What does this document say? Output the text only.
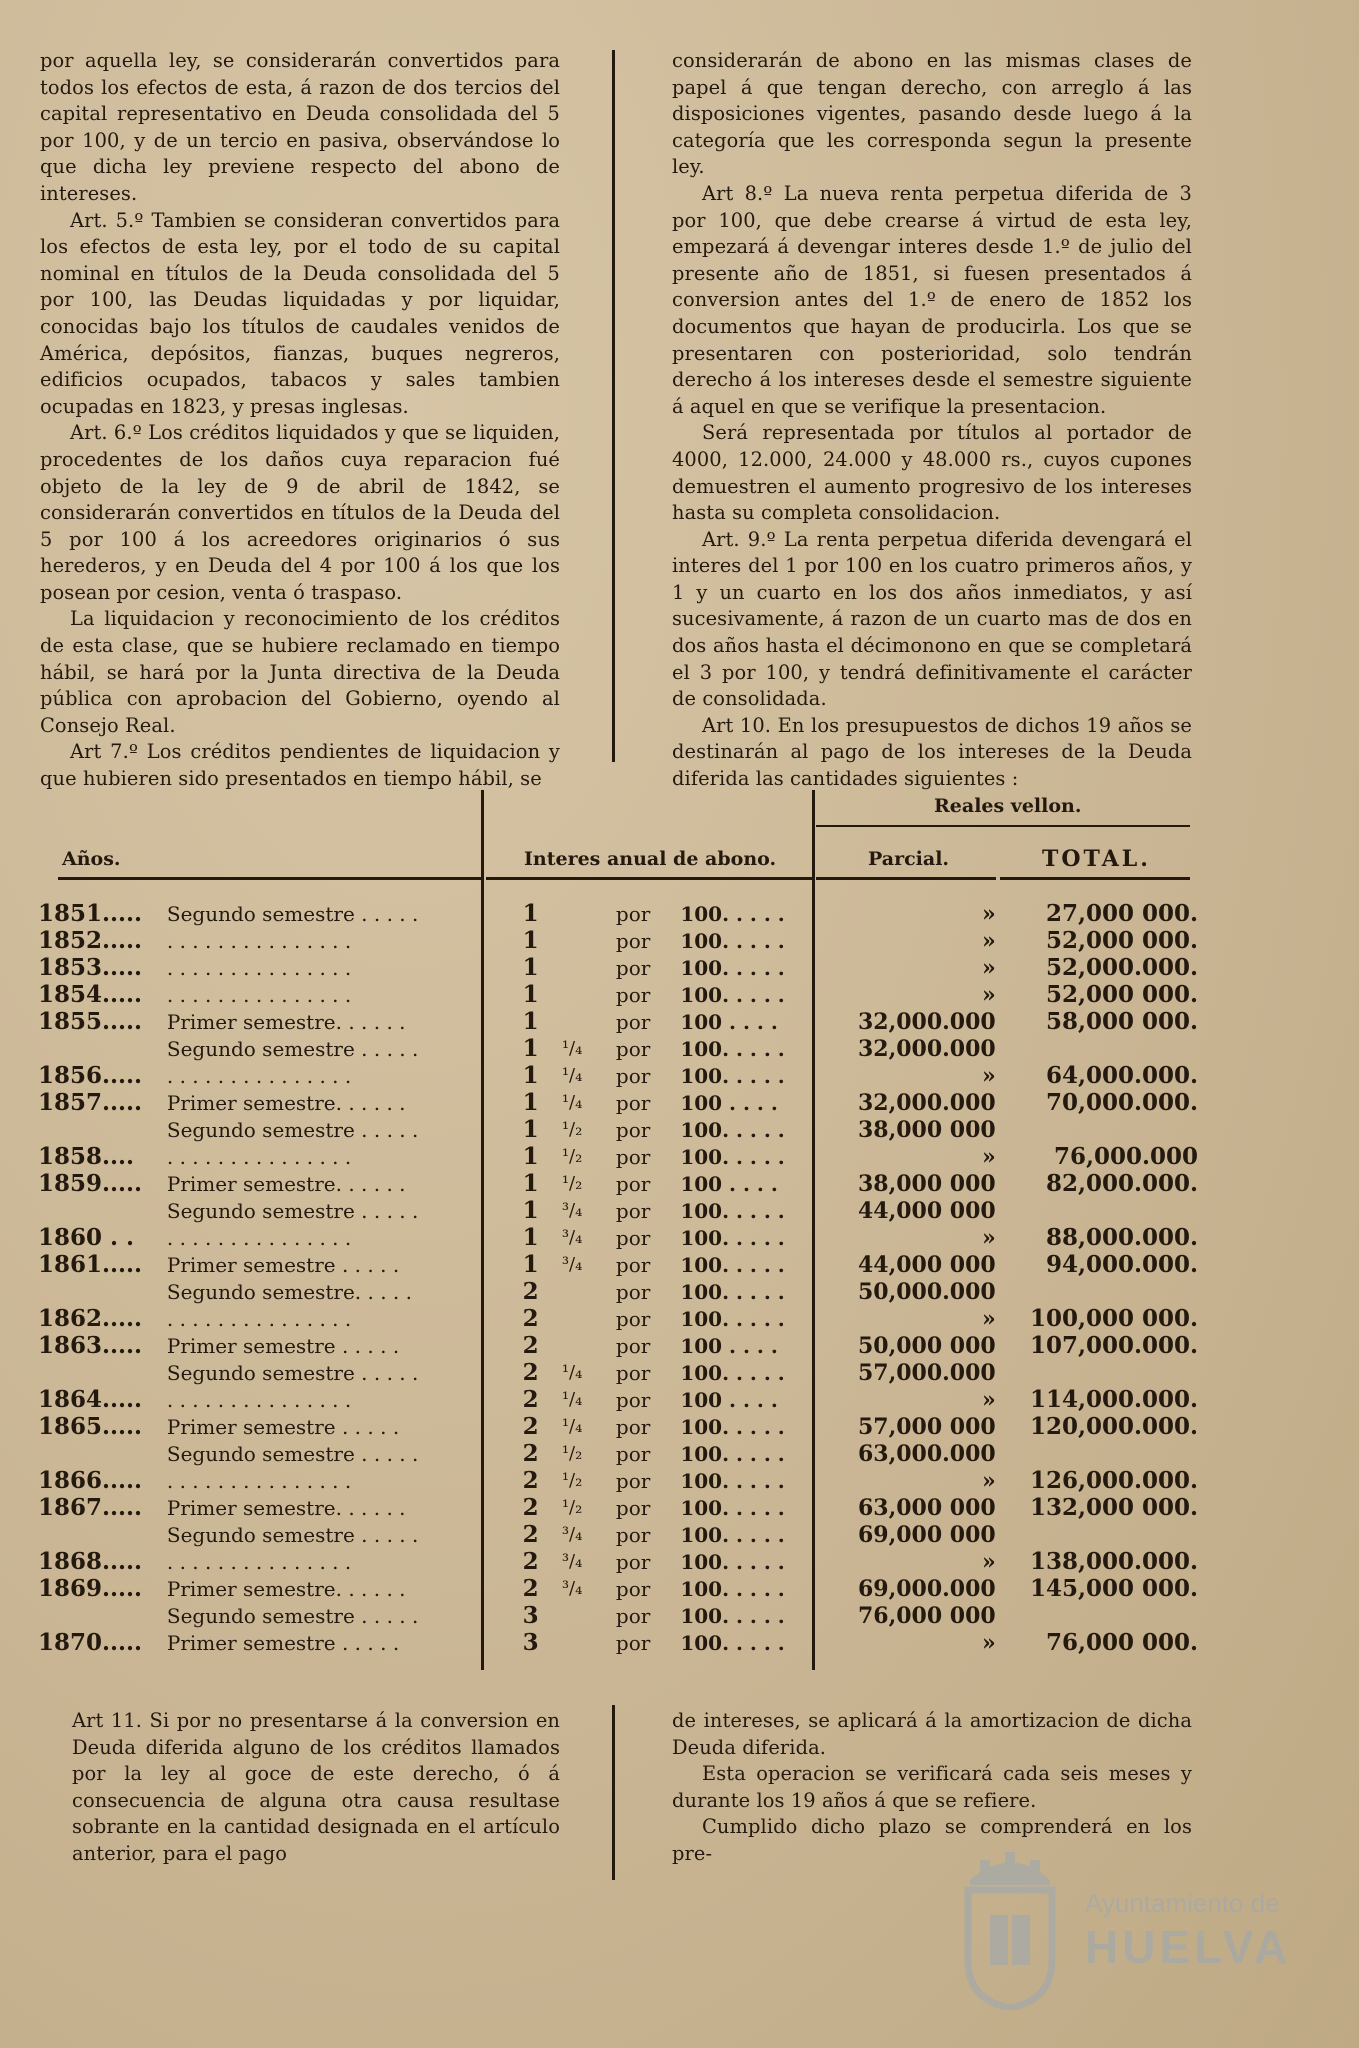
por aquella ley, se considerarán convertidos para todos los efectos de esta, á razon de dos tercios del capital representativo en Deuda consolidada del 5 por 100, y de un tercio en pasiva, observándose lo que dicha ley previene respecto del abono de intereses.

Art. 5.º Tambien se consideran convertidos para los efectos de esta ley, por el todo de su capital nominal en títulos de la Deuda consolidada del 5 por 100, las Deudas liquidadas y por liquidar, conocidas bajo los títulos de caudales venidos de América, depósitos, fianzas, buques negreros, edificios ocupados, tabacos y sales tambien ocupadas en 1823, y presas inglesas.

Art. 6.º Los créditos liquidados y que se liquiden, procedentes de los daños cuya reparacion fué objeto de la ley de 9 de abril de 1842, se considerarán convertidos en títulos de la Deuda del 5 por 100 á los acreedores originarios ó sus herederos, y en Deuda del 4 por 100 á los que los posean por cesion, venta ó traspaso.

La liquidacion y reconocimiento de los créditos de esta clase, que se hubiere reclamado en tiempo hábil, se hará por la Junta directiva de la Deuda pública con aprobacion del Gobierno, oyendo al Consejo Real.

Art 7.º Los créditos pendientes de liquidacion y que hubieren sido presentados en tiempo hábil, se

considerarán de abono en las mismas clases de papel á que tengan derecho, con arreglo á las disposiciones vigentes, pasando desde luego á la categoría que les corresponda segun la presente ley.

Art 8.º La nueva renta perpetua diferida de 3 por 100, que debe crearse á virtud de esta ley, empezará á devengar interes desde 1.º de julio del presente año de 1851, si fuesen presentados á conversion antes del 1.º de enero de 1852 los documentos que hayan de producirla. Los que se presentaren con posterioridad, solo tendrán derecho á los intereses desde el semestre siguiente á aquel en que se verifique la presentacion.

Será representada por títulos al portador de 4000, 12.000, 24.000 y 48.000 rs., cuyos cupones demuestren el aumento progresivo de los intereses hasta su completa consolidacion.

Art. 9.º La renta perpetua diferida devengará el interes del 1 por 100 en los cuatro primeros años, y 1 y un cuarto en los dos años inmediatos, y así sucesivamente, á razon de un cuarto mas de dos en dos años hasta el décimonono en que se completará el 3 por 100, y tendrá definitivamente el carácter de consolidada.

Art 10. En los presupuestos de dichos 19 años se destinarán al pago de los intereses de la Deuda diferida las cantidades siguientes :

Reales vellon.
Años.	Interes anual de abono.	Parcial.	TOTAL.
1851.....	Segundo semestre . . . . .	1		por	100. . . . .	»	27,000 000.
1852.....	. . . . . . . . . . . . . . .	1		por	100. . . . .	»	52,000 000.
1853.....	. . . . . . . . . . . . . . .	1		por	100. . . . .	»	52,000.000.
1854.....	. . . . . . . . . . . . . . .	1		por	100. . . . .	»	52,000 000.
1855.....	Primer semestre. . . . . .	1		por	100 . . . .	32,000.000	58,000 000.
	Segundo semestre . . . . .	1	¹/₄	por	100. . . . .	32,000.000	
1856.....	. . . . . . . . . . . . . . .	1	¹/₄	por	100. . . . .	»	64,000.000.
1857.....	Primer semestre. . . . . .	1	¹/₄	por	100 . . . .	32,000.000	70,000.000.
	Segundo semestre . . . . .	1	¹/₂	por	100. . . . .	38,000 000	
1858....	. . . . . . . . . . . . . . .	1	¹/₂	por	100. . . . .	»	76,000.000
1859.....	Primer semestre. . . . . .	1	¹/₂	por	100 . . . .	38,000 000	82,000.000.
	Segundo semestre . . . . .	1	³/₄	por	100. . . . .	44,000 000	
1860 . .	. . . . . . . . . . . . . . .	1	³/₄	por	100. . . . .	»	88,000.000.
1861.....	Primer semestre . . . . .	1	³/₄	por	100. . . . .	44,000 000	94,000.000.
	Segundo semestre. . . . .	2		por	100. . . . .	50,000.000	
1862.....	. . . . . . . . . . . . . . .	2		por	100. . . . .	»	100,000 000.
1863.....	Primer semestre . . . . .	2		por	100 . . . .	50,000 000	107,000.000.
	Segundo semestre . . . . .	2	¹/₄	por	100. . . . .	57,000.000	
1864.....	. . . . . . . . . . . . . . .	2	¹/₄	por	100 . . . .	»	114,000.000.
1865.....	Primer semestre . . . . .	2	¹/₄	por	100. . . . .	57,000 000	120,000.000.
	Segundo semestre . . . . .	2	¹/₂	por	100. . . . .	63,000.000	
1866.....	. . . . . . . . . . . . . . .	2	¹/₂	por	100. . . . .	»	126,000.000.
1867.....	Primer semestre. . . . . .	2	¹/₂	por	100. . . . .	63,000 000	132,000 000.
	Segundo semestre . . . . .	2	³/₄	por	100. . . . .	69,000 000	
1868.....	. . . . . . . . . . . . . . .	2	³/₄	por	100. . . . .	»	138,000.000.
1869.....	Primer semestre. . . . . .	2	³/₄	por	100. . . . .	69,000.000	145,000 000.
	Segundo semestre . . . . .	3		por	100. . . . .	76,000 000	
1870.....	Primer semestre . . . . .	3		por	100. . . . .	»	76,000 000.

Art 11. Si por no presentarse á la conversion en Deuda diferida alguno de los créditos llamados por la ley al goce de este derecho, ó á consecuencia de alguna otra causa resultase sobrante en la cantidad designada en el artículo anterior, para el pago

de intereses, se aplicará á la amortizacion de dicha Deuda diferida.

Esta operacion se verificará cada seis meses y durante los 19 años á que se refiere.

Cumplido dicho plazo se comprenderá en los pre-

Ayuntamiento de
HUELVA
